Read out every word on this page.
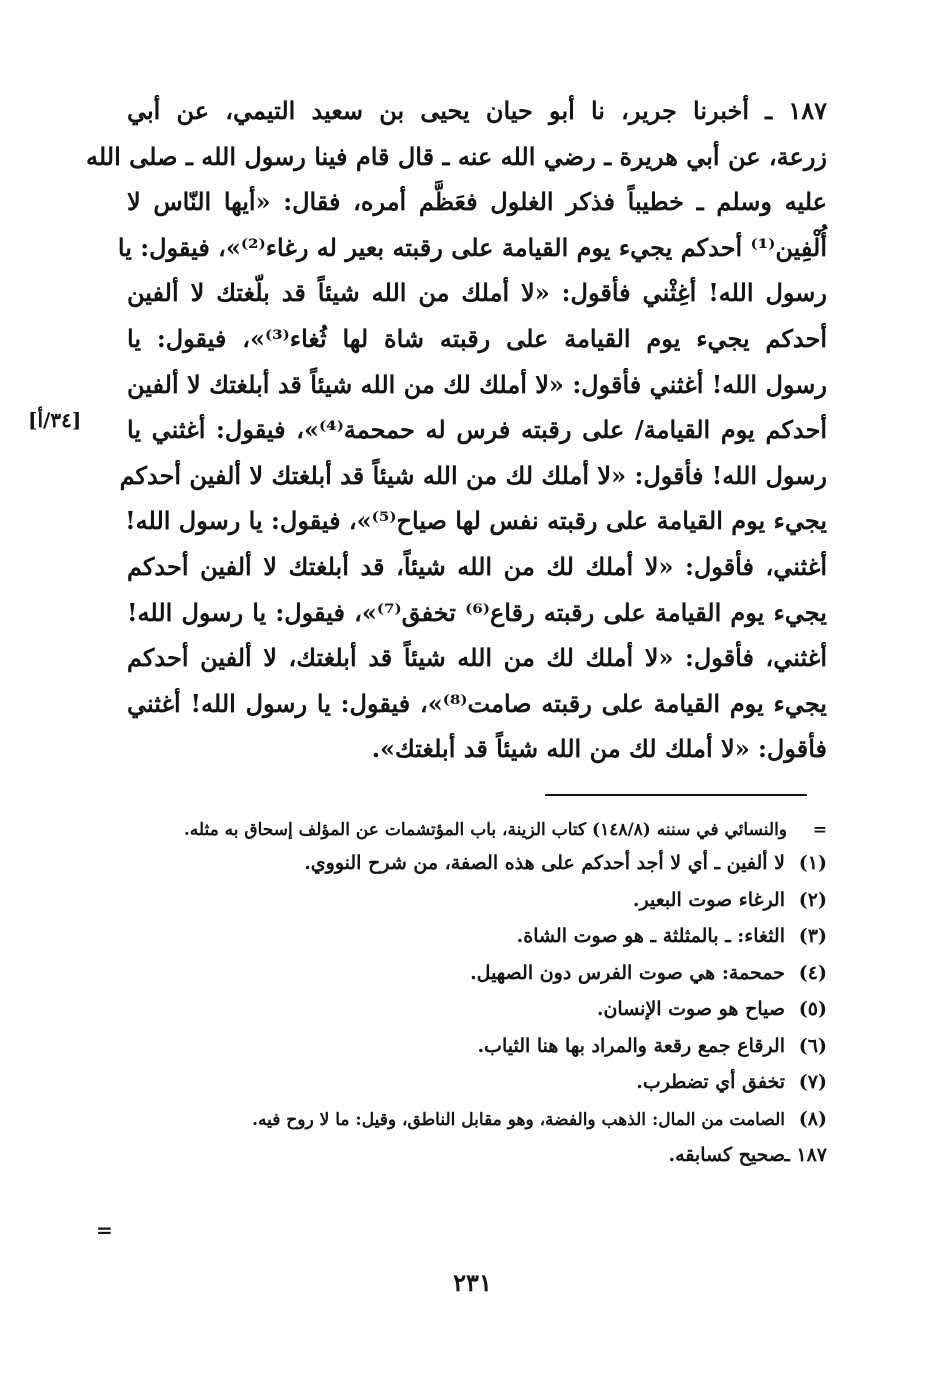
١٨٧ ـ أخبرنا جرير، نا أبو حيان يحيى بن سعيد التيمي، عن أبي
زرعة، عن أبي هريرة ـ رضي الله عنه ـ قال قام فينا رسول الله ـ صلى الله
عليه وسلم ـ خطيباً فذكر الغلول فعَظَّم أمره، فقال: «أيها النّاس لا
أُلْفِين⁽¹⁾ أحدكم يجيء يوم القيامة على رقبته بعير له رغاء⁽²⁾»، فيقول: يا
رسول الله! أغِثْني فأقول: «لا أملك من الله شيئاً قد بلّغتك لا ألفين
أحدكم يجيء يوم القيامة على رقبته شاة لها ثُغاء⁽³⁾»، فيقول: يا
رسول الله! أغثني فأقول: «لا أملك لك من الله شيئاً قد أبلغتك لا ألفين
أحدكم يوم القيامة/ على رقبته فرس له حمحمة⁽⁴⁾»، فيقول: أغثني يا
رسول الله! فأقول: «لا أملك لك من الله شيئاً قد أبلغتك لا ألفين أحدكم
يجيء يوم القيامة على رقبته نفس لها صياح⁽⁵⁾»، فيقول: يا رسول الله!
أغثني، فأقول: «لا أملك لك من الله شيئاً، قد أبلغتك لا ألفين أحدكم
يجيء يوم القيامة على رقبته رقاع⁽⁶⁾ تخفق⁽⁷⁾»، فيقول: يا رسول الله!
أغثني، فأقول: «لا أملك لك من الله شيئاً قد أبلغتك، لا ألفين أحدكم
يجيء يوم القيامة على رقبته صامت⁽⁸⁾»، فيقول: يا رسول الله! أغثني
فأقول: «لا أملك لك من الله شيئاً قد أبلغتك».
[٣٤/أ]
=
والنسائي في سننه (١٤٨/٨) كتاب الزينة، باب المؤتشمات عن المؤلف إسحاق به مثله.
(١)
لا ألفين ـ أي لا أجد أحدكم على هذه الصفة، من شرح النووي.
(٢)
الرغاء صوت البعير.
(٣)
الثغاء: ـ بالمثلثة ـ هو صوت الشاة.
(٤)
حمحمة: هي صوت الفرس دون الصهيل.
(٥)
صياح هو صوت الإنسان.
(٦)
الرقاع جمع رقعة والمراد بها هنا الثياب.
(٧)
تخفق أي تضطرب.
(٨)
الصامت من المال: الذهب والفضة، وهو مقابل الناطق، وقيل: ما لا روح فيه.
١٨٧ ـ
صحيح كسابقه.
=
٢٣١
